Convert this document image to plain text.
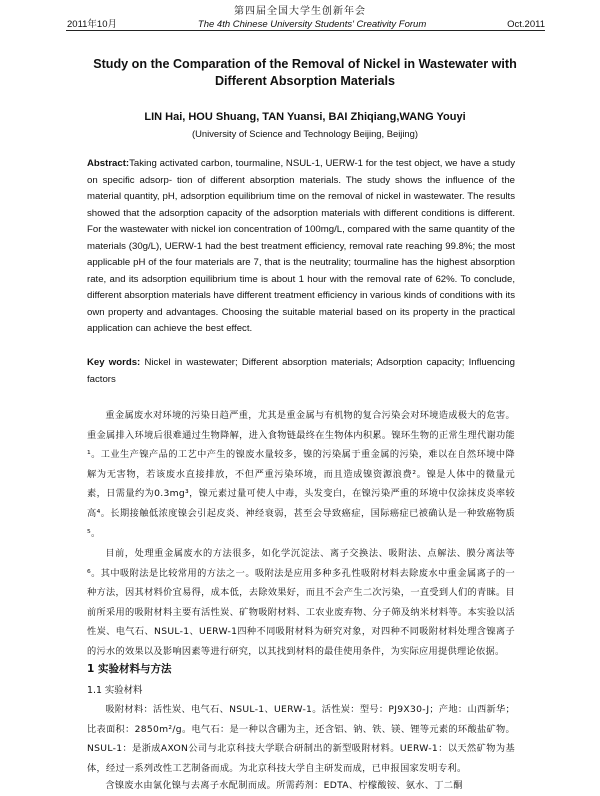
第四届全国大学生创新年会
2011年10月	The 4th Chinese University Students' Creativity Forum	Oct.2011
Study on the Comparation of the Removal of Nickel in Wastewater with Different Absorption Materials
LIN Hai, HOU Shuang, TAN Yuansi, BAI Zhiqiang,WANG Youyi
(University of Science and Technology Beijing, Beijing)

Abstract:Taking activated carbon, tourmaline, NSUL-1, UERW-1 for the test object, we have a study on specific adsorp- tion of different absorption materials. The study shows the influence of the material quantity, pH, adsorption equilibrium time on the removal of nickel in wastewater. The results showed that the adsorption capacity of the adsorption materials with different conditions is different. For the wastewater with nickel ion concentration of 100mg/L, compared with the same quantity of the materials (30g/L), UERW-1 had the best treatment efficiency, removal rate reaching 99.8%; the most applicable pH of the four materials are 7, that is the neutrality; tourmaline has the highest absorption rate, and its adsorption equilibrium time is about 1 hour with the removal rate of 62%. To conclude, different absorption materials have different treatment efficiency in various kinds of conditions with its own property and advantages. Choosing the suitable material based on its property in the practical application can achieve the best effect.

Key words: Nickel in wastewater; Different absorption materials; Adsorption capacity; Influencing factors

重金属废水对环境的污染日趋严重，尤其是重金属与有机物的复合污染会对环境造成极大的危害。重金属排入环境后很难通过生物降解，进入食物链最终在生物体内积累。镍环生物的正常生理代谢功能¹。工业生产镍产品的工艺中产生的镍废水量较多，镍的污染属于重金属的污染，难以在自然环境中降解为无害物，若该废水直接排放，不但严重污染环境，而且造成镍资源浪费²。镍是人体中的微量元素，日需量约为0.3mg³，镍元素过量可使人中毒，头发变白，在镍污染严重的环境中仅涂抹皮炎率较高⁴。长期接触低浓度镍会引起皮炎、神经衰弱，甚至会导致癌症，国际癌症已被确认是一种致癌物质⁵。

目前，处理重金属废水的方法很多，如化学沉淀法、离子交换法、吸附法、点解法、膜分离法等⁶。其中吸附法是比较常用的方法之一。吸附法是应用多种多孔性吸附材料去除废水中重金属离子的一种方法，因其材料价宜易得，成本低，去除效果好，而且不会产生二次污染，一直受到人们的青睐。目前所采用的吸附材料主要有活性炭、矿物吸附材料、工农业废弃物、分子筛及纳米材料等。本实验以活性炭、电气石、NSUL-1、UERW-1四种不同吸附材料为研究对象，对四种不同吸附材料处理含镍离子的污水的效果以及影响因素等进行研究，以其找到材料的最佳使用条件，为实际应用提供理论依据。

1 实验材料与方法
1.1 实验材料

吸附材料：活性炭、电气石、NSUL-1、UERW-1。活性炭：型号：PJ9X30-J；产地：山西新华；比表面积：2850m²/g。电气石：是一种以含硼为主，还含铝、钠、铁、镁、锂等元素的环酸盐矿物。NSUL-1：是浙成AXON公司与北京科技大学联合研制出的新型吸附材料。UERW-1：以天然矿物为基体，经过一系列改性工艺制备而成。为北京科技大学自主研发而成，已申报国家发明专利。

含镍废水由氯化镍与去离子水配制而成。所需药剂：EDTA、柠檬酸铵、氨水、丁二酮
